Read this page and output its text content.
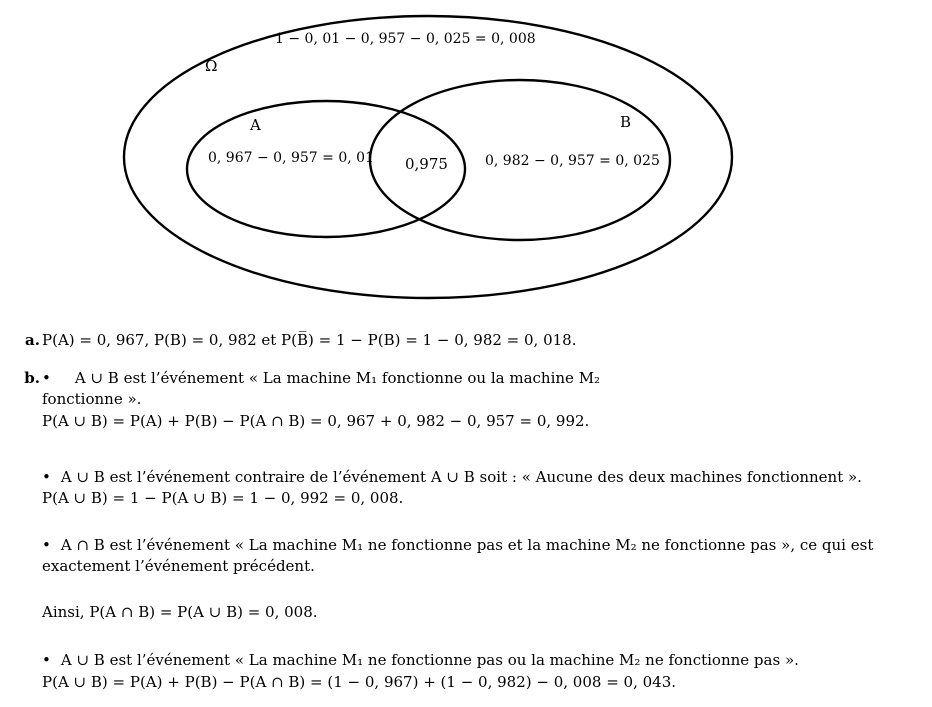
1 − 0, 01 − 0, 957 − 0, 025 = 0, 008
Ω
A	B
0, 967 − 0, 957 = 0, 01 0,975	0, 982 − 0, 957 = 0, 025
a. P(A) = 0, 967, P(B) = 0, 982 et P(B̅) = 1 − P(B) = 1 − 0, 982 = 0, 018.
b. • A ∪ B est l’événement « La machine M₁ fonctionne ou la machine M₂
fonctionne ».
P(A ∪ B) = P(A) + P(B) − P(A ∩ B) = 0, 967 + 0, 982 − 0, 957 = 0, 992.
• A ∪ B est l’événement contraire de l’événement A ∪ B soit : « Aucune des deux machines fonctionnent ».
P(A ∪ B) = 1 − P(A ∪ B) = 1 − 0, 992 = 0, 008.
• A ∩ B est l’événement « La machine M₁ ne fonctionne pas et la machine M₂ ne fonctionne pas », ce qui est
exactement l’événement précédent.
Ainsi, P(A ∩ B) = P(A ∪ B) = 0, 008.
• A ∪ B est l’événement « La machine M₁ ne fonctionne pas ou la machine M₂ ne fonctionne pas ».
P(A ∪ B) = P(A) + P(B) − P(A ∩ B) = (1 − 0, 967) + (1 − 0, 982) − 0, 008 = 0, 043.
